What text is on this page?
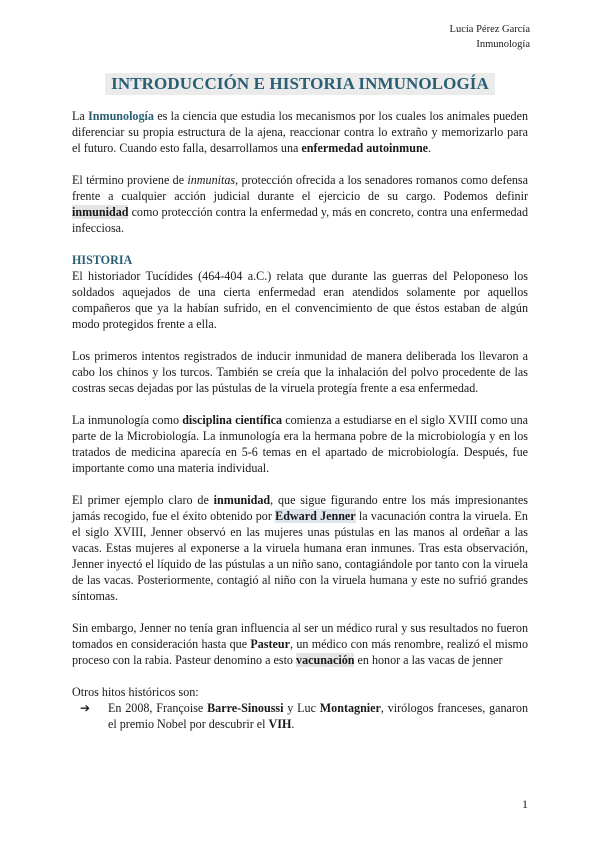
Lucía Pérez García
Inmunología
INTRODUCCIÓN E HISTORIA INMUNOLOGÍA

La Inmunología es la ciencia que estudia los mecanismos por los cuales los animales pueden diferenciar su propia estructura de la ajena, reaccionar contra lo extraño y memorizarlo para el futuro. Cuando esto falla, desarrollamos una enfermedad autoinmune.

El término proviene de inmunitas, protección ofrecida a los senadores romanos como defensa frente a cualquier acción judicial durante el ejercicio de su cargo. Podemos definir inmunidad como protección contra la enfermedad y, más en concreto, contra una enfermedad infecciosa.

HISTORIA

El historiador Tucídides (464-404 a.C.) relata que durante las guerras del Peloponeso los soldados aquejados de una cierta enfermedad eran atendidos solamente por aquellos compañeros que ya la habían sufrido, en el convencimiento de que éstos estaban de algún modo protegidos frente a ella.

Los primeros intentos registrados de inducir inmunidad de manera deliberada los llevaron a cabo los chinos y los turcos. También se creía que la inhalación del polvo procedente de las costras secas dejadas por las pústulas de la viruela protegía frente a esa enfermedad.

La inmunología como disciplina científica comienza a estudiarse en el siglo XVIII como una parte de la Microbiología. La inmunología era la hermana pobre de la microbiología y en los tratados de medicina aparecía en 5-6 temas en el apartado de microbiología. Después, fue importante como una materia individual.

El primer ejemplo claro de inmunidad, que sigue figurando entre los más impresionantes jamás recogido, fue el éxito obtenido por Edward Jenner la vacunación contra la viruela. En el siglo XVIII, Jenner observó en las mujeres unas pústulas en las manos al ordeñar a las vacas. Estas mujeres al exponerse a la viruela humana eran inmunes. Tras esta observación, Jenner inyectó el líquido de las pústulas a un niño sano, contagiándole por tanto con la viruela de las vacas. Posteriormente, contagió al niño con la viruela humana y este no sufrió grandes síntomas.

Sin embargo, Jenner no tenía gran influencia al ser un médico rural y sus resultados no fueron tomados en consideración hasta que Pasteur, un médico con más renombre, realizó el mismo proceso con la rabia. Pasteur denomino a esto vacunación en honor a las vacas de jenner

Otros hitos históricos son:

➔ En 2008, Françoise Barre-Sinoussi y Luc Montagnier, virólogos franceses, ganaron el premio Nobel por descubrir el VIH.

1
